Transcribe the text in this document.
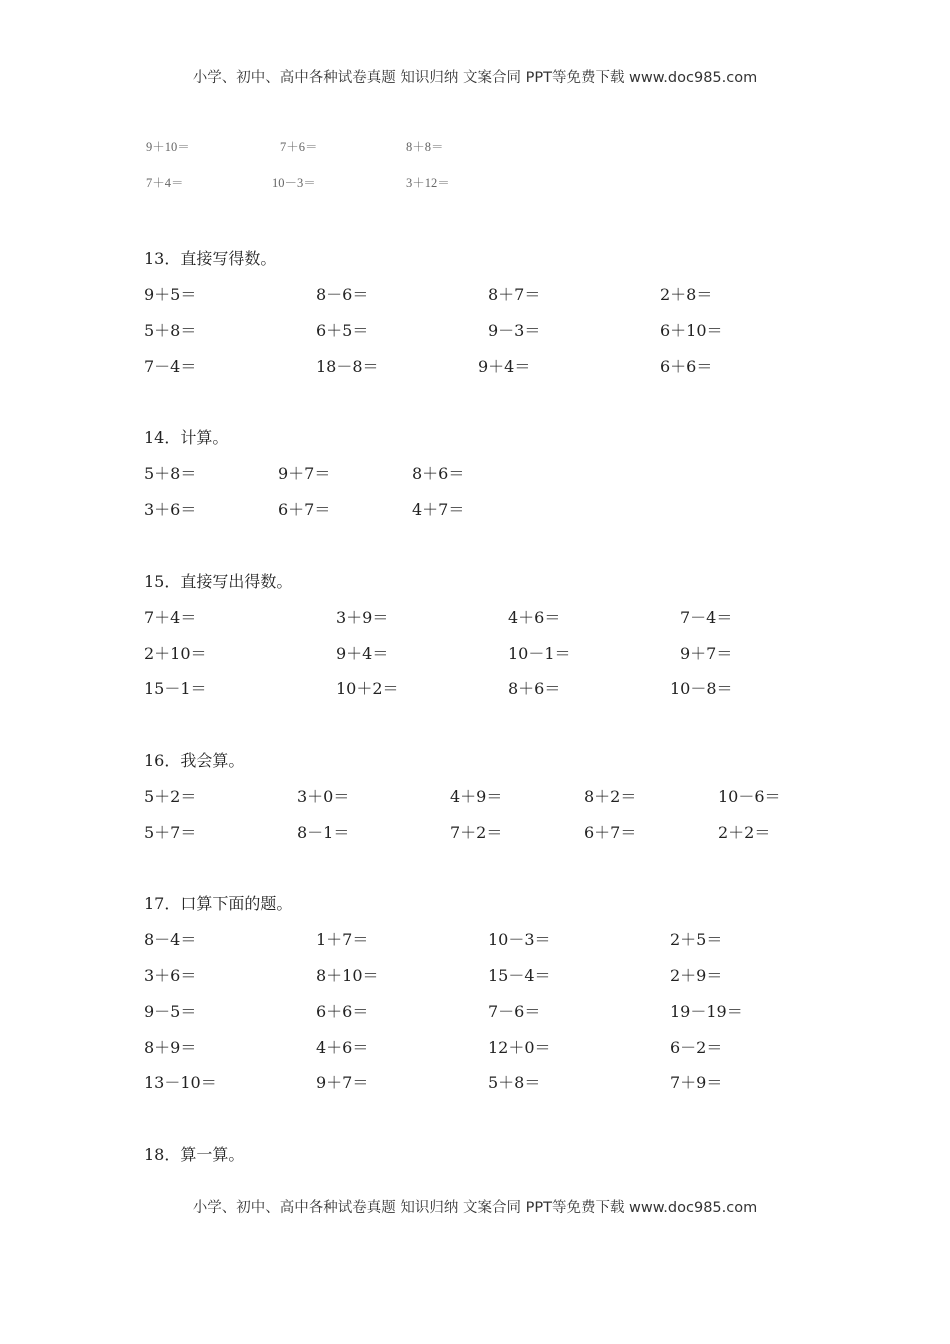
小学、初中、高中各种试卷真题 知识归纳 文案合同 PPT等免费下载 www.doc985.com
9＋10＝	7＋6＝	8＋8＝
7＋4＝	10－3＝	3＋12＝
13．直接写得数。
9＋5＝	8－6＝	8＋7＝	2＋8＝
5＋8＝	6＋5＝	9－3＝	6＋10＝
7－4＝	18－8＝	9＋4＝	6＋6＝
14．计算。
5＋8＝	9＋7＝	8＋6＝
3＋6＝	6＋7＝	4＋7＝
15．直接写出得数。
7＋4＝	3＋9＝	4＋6＝	7－4＝
2＋10＝	9＋4＝	10－1＝	9＋7＝
15－1＝	10＋2＝	8＋6＝	10－8＝
16．我会算。
5＋2＝	3＋0＝	4＋9＝	8＋2＝	10－6＝
5＋7＝	8－1＝	7＋2＝	6＋7＝	2＋2＝
17．口算下面的题。
8－4＝	1＋7＝	10－3＝	2＋5＝
3＋6＝	8＋10＝	15－4＝	2＋9＝
9－5＝	6＋6＝	7－6＝	19－19＝
8＋9＝	4＋6＝	12＋0＝	6－2＝
13－10＝	9＋7＝	5＋8＝	7＋9＝
18．算一算。
小学、初中、高中各种试卷真题 知识归纳 文案合同 PPT等免费下载 www.doc985.com
